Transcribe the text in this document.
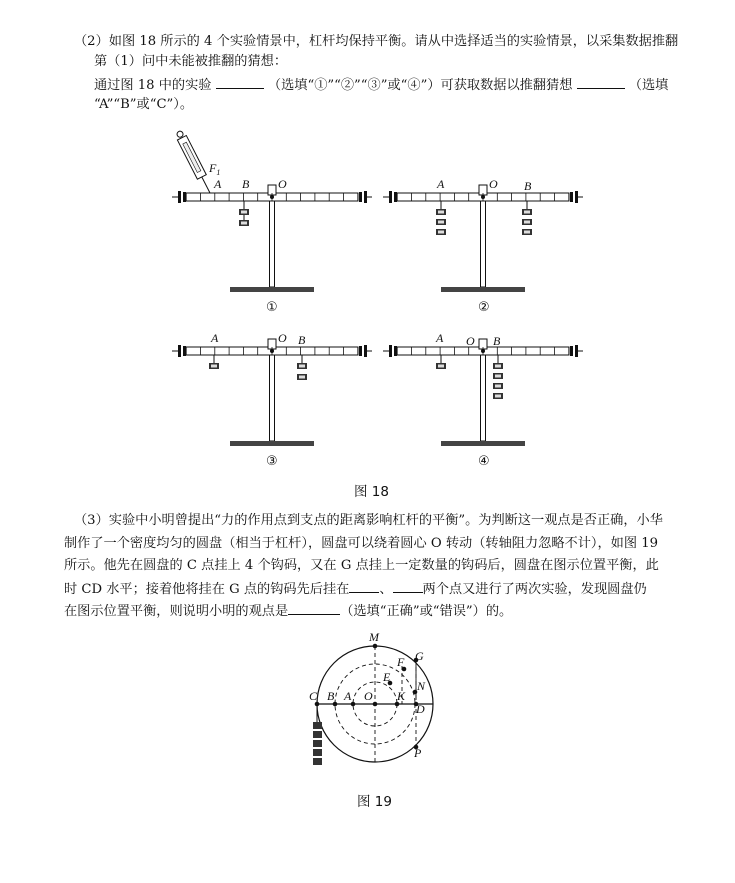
（2）如图 18 所示的 4 个实验情景中，杠杆均保持平衡。请从中选择适当的实验情景，以采集数据推翻

第（1）问中未能被推翻的猜想：

通过图 18 中的实验	（选填“①”“②”“③”或“④”）可获取数据以推翻猜想	（选填

“A”“B”或“C”）。

$F_1$
A B O	A	O B
A	O B	A O B
①	②
③	④
图 18

（3）实验中小明曾提出“力的作用点到支点的距离影响杠杆的平衡”。为判断这一观点是否正确，小华

制作了一个密度均匀的圆盘（相当于杠杆），圆盘可以绕着圆心 O 转动（转轴阻力忽略不计），如图 19

所示。他先在圆盘的 C 点挂上 4 个钩码，又在 G 点挂上一定数量的钩码后，圆盘在图示位置平衡，此

时 CD 水平；接着他将挂在 G 点的钩码先后挂在 、 两个点又进行了两次实验，发现圆盘仍

在图示位置平衡，则说明小明的观点是	（选填“正确”或“错误”）的。

M
F G
E
N
C B A O K
D
P
图 19
